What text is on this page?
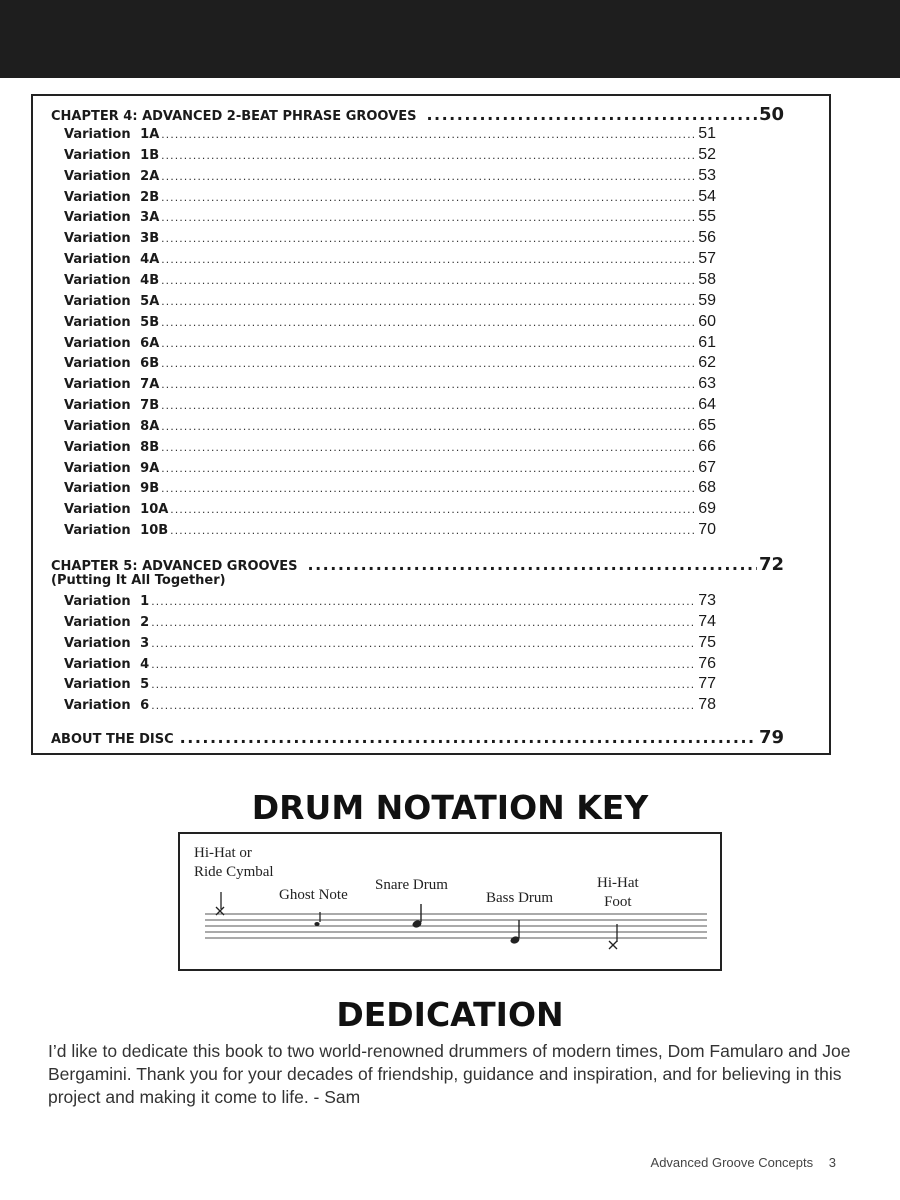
CHAPTER 4: ADVANCED 2-BEAT PHRASE GROOVES .....	50
Variation 1A .....	51
Variation 1B .....	52
Variation 2A .....	53
Variation 2B .....	54
Variation 3A .....	55
Variation 3B .....	56
Variation 4A .....	57
Variation 4B .....	58
Variation 5A .....	59
Variation 5B .....	60
Variation 6A .....	61
Variation 6B .....	62
Variation 7A .....	63
Variation 7B .....	64
Variation 8A .....	65
Variation 8B .....	66
Variation 9A .....	67
Variation 9B .....	68
Variation 10A .....	69
Variation 10B .....	70
CHAPTER 5: ADVANCED GROOVES .....	72
(Putting It All Together)
Variation 1 .....	73
Variation 2 .....	74
Variation 3 .....	75
Variation 4 .....	76
Variation 5 .....	77
Variation 6 .....	78
ABOUT THE DISC .....	79
DRUM NOTATION KEY
Hi-Hat or
Ride Cymbal
Ghost Note
Snare Drum
Bass Drum
Hi-Hat
Foot
DEDICATION
I’d like to dedicate this book to two world-renowned drummers of modern times, Dom Famularo and Joe Bergamini. Thank you for your decades of friendship, guidance and inspiration, and for believing in this project and making it come to life. - Sam
Advanced Groove Concepts 3
